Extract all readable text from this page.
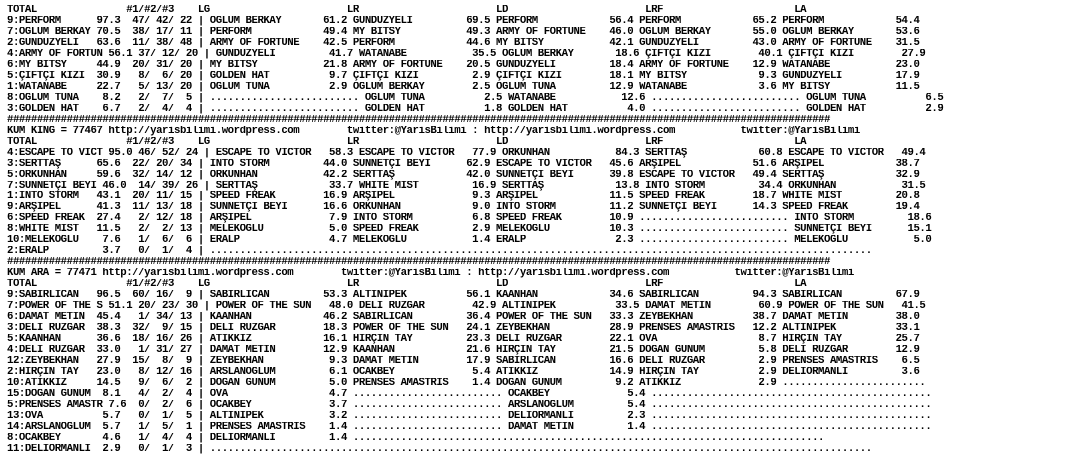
TOTAL               #1/#2/#3    LG                       LR                       LD                       LRF                      LA
9:PERFORM      97.3  47/ 42/ 22 | OĞLUM BERKAY       61.2 GÜNDÜZYELİ         69.5 PERFORM            56.4 PERFORM            65.2 PERFORM            54.4
7:OĞLUM BERKAY 70.5  38/ 17/ 11 | PERFORM            49.4 MY BITSY           49.3 ARMY OF FORTUNE    46.0 OĞLUM BERKAY       55.0 OĞLUM BERKAY       53.6
2:GÜNDÜZYELİ   63.6  11/ 38/ 48 | ARMY OF FORTUNE    42.5 PERFORM            44.6 MY BITSY           42.1 GÜNDÜZYELİ         43.0 ARMY OF FORTUNE    31.5
4:ARMY OF FORTUN 56.1 37/ 12/ 20 | GÜNDÜZYELİ         41.7 WATANABE           35.5 OĞLUM BERKAY       18.6 ÇİFTÇİ KIZI        40.1 ÇİFTÇİ KIZI        27.9
6:MY BITSY     44.9  20/ 31/ 20 | MY BITSY           21.8 ARMY OF FORTUNE    20.5 GÜNDÜZYELİ         18.4 ARMY OF FORTUNE    12.9 WATANABE           23.0
5:ÇİFTÇİ KIZI  30.9   8/  6/ 20 | GOLDEN HAT          9.7 ÇİFTÇİ KIZI         2.9 ÇİFTÇİ KIZI        18.1 MY BITSY            9.3 GÜNDÜZYELİ         17.9
1:WATANABE     22.7   5/ 13/ 20 | OĞLUM TUNA          2.9 OĞLUM BERKAY        2.5 OĞLUM TUNA         12.9 WATANABE            3.6 MY BITSY           11.5
8:OĞLUM TUNA    8.2   2/  7/  5 | ......................... OĞLUM TUNA          2.5 WATANABE           12.6 ......................... OĞLUM TUNA          6.5
3:GOLDEN HAT    6.7   2/  4/  4 | ......................... GOLDEN HAT          1.8 GOLDEN HAT          4.0 ......................... GOLDEN HAT          2.9
##########################################################################################################################################
KUM KING = 77467 http://yarisbilimi.wordpress.com        twitter:@YarisBilimi : http://yarisbilimi.wordpress.com           twitter:@YarisBilimi
TOTAL               #1/#2/#3    LG                       LR                       LD                       LRF                      LA
4:ESCAPE TO VICT 95.0 46/ 52/ 24 | ESCAPE TO VICTOR   58.3 ESCAPE TO VICTOR   77.9 ORKUNHAN           84.3 SERTTAŞ            60.8 ESCAPE TO VICTOR   49.4
3:SERTTAŞ      65.6  22/ 20/ 34 | INTO STORM         44.0 SÜNNETÇİ BEYİ      62.9 ESCAPE TO VICTOR   45.6 ARŞİPEL            51.6 ARŞİPEL            38.7
5:ORKUNHAN     59.6  32/ 14/ 12 | ORKUNHAN           42.2 SERTTAŞ            42.0 SÜNNETÇİ BEYİ      39.8 ESCAPE TO VICTOR   49.4 SERTTAŞ            32.9
7:SÜNNETÇİ BEYİ 46.0  14/ 39/ 26 | SERTTAŞ            33.7 WHITE MIST         16.9 SERTTAŞ            13.8 INTO STORM         34.4 ORKUNHAN           31.5
1:INTO STORM   43.1  20/ 11/ 15 | SPEED FREAK        16.9 ARŞİPEL             9.3 ARŞİPEL            11.5 SPEED FREAK        18.7 WHITE MIST         20.8
9:ARŞİPEL      41.3  11/ 13/ 18 | SÜNNETÇİ BEYİ      16.6 ORKUNHAN            9.0 INTO STORM         11.2 SÜNNETÇİ BEYİ      14.3 SPEED FREAK        19.4
6:SPEED FREAK  27.4   2/ 12/ 18 | ARŞİPEL             7.9 INTO STORM          6.8 SPEED FREAK        10.9 ......................... INTO STORM         18.6
8:WHITE MIST   11.5   2/  2/ 13 | MELEKOĞLU           5.0 SPEED FREAK         2.9 MELEKOĞLU          10.3 ......................... SÜNNETÇİ BEYİ      15.1
10:MELEKOĞLU    7.6   1/  6/  6 | ERALP               4.7 MELEKOĞLU           1.4 ERALP               2.3 ......................... MELEKOĞLU           5.0
2:ERALP         3.7   0/  1/  4 | ...............................................................................................................
##########################################################################################################################################
KUM ARA = 77471 http://yarisbilimi.wordpress.com        twitter:@YarisBilimi : http://yarisbilimi.wordpress.com           twitter:@YarisBilimi
TOTAL               #1/#2/#3    LG                       LR                       LD                       LRF                      LA
9:SABIRLICAN   96.5  60/ 16/  9 | SABIRLICAN         53.3 ALTINİPEK          56.1 KAANHAN            34.6 SABIRLICAN         94.3 SABIRLICAN         67.9
7:POWER OF THE S 51.1 20/ 23/ 30 | POWER OF THE SUN   48.0 DELİ RÜZGAR        42.9 ALTINİPEK          33.5 DAMAT METİN        60.9 POWER OF THE SUN   41.5
6:DAMAT METİN  45.4   1/ 34/ 13 | KAANHAN            46.2 SABIRLICAN         36.4 POWER OF THE SUN   33.3 ZEYBEKHAN          38.7 DAMAT METİN        38.0
3:DELİ RÜZGAR  38.3  32/  9/ 15 | DELİ RÜZGAR        18.3 POWER OF THE SUN   24.1 ZEYBEKHAN          28.9 PRENSES AMASTRIS   12.2 ALTINİPEK          33.1
5:KAANHAN      36.6  18/ 16/ 26 | ATİKKIZ            16.1 HIRÇIN TAY         23.3 DELİ RÜZGAR        22.1 OVA                 8.7 HIRÇIN TAY         25.7
4:DELİ RÜZGAR  33.0   1/ 31/ 27 | DAMAT METİN        12.9 KAANHAN            21.6 HIRÇIN TAY         21.5 DOĞAN GÜNÜM         5.8 DELİ RÜZGAR        12.9
12:ZEYBEKHAN   27.9  15/  8/  9 | ZEYBEKHAN           9.3 DAMAT METİN        17.9 SABIRLICAN         16.6 DELİ RÜZGAR         2.9 PRENSES AMASTRIS    6.5
2:HIRÇIN TAY   23.0   8/ 12/ 16 | ARSLANOĞLUM         6.1 OCAKBEY             5.4 ATİKKIZ            14.9 HIRÇIN TAY          2.9 DELİORMANLI         3.6
10:ATİKKIZ     14.5   9/  6/  2 | DOĞAN GÜNÜM         5.0 PRENSES AMASTRIS    1.4 DOĞAN GÜNÜM         9.2 ATİKKIZ             2.9 ........................
15:DOĞAN GÜNÜM  8.1   4/  2/  4 | OVA                 4.7 ......................... OCAKBEY             5.4 ...............................................
5:PRENSES AMASTR 7.6  0/  2/  6 | OCAKBEY             3.7 ......................... ARSLANOĞLUM         5.4 ...............................................
13:OVA          5.7   0/  1/  5 | ALTINİPEK           3.2 ......................... DELİORMANLI         2.3 ...............................................
14:ARSLANOĞLUM  5.7   1/  5/  1 | PRENSES AMASTRIS    1.4 ......................... DAMAT METİN         1.4 ...............................................
8:OCAKBEY       4.6   1/  4/  4 | DELİORMANLI         1.4 ...............................................................................
11:DELİORMANLI  2.9   0/  1/  3 | ...............................................................................................................
